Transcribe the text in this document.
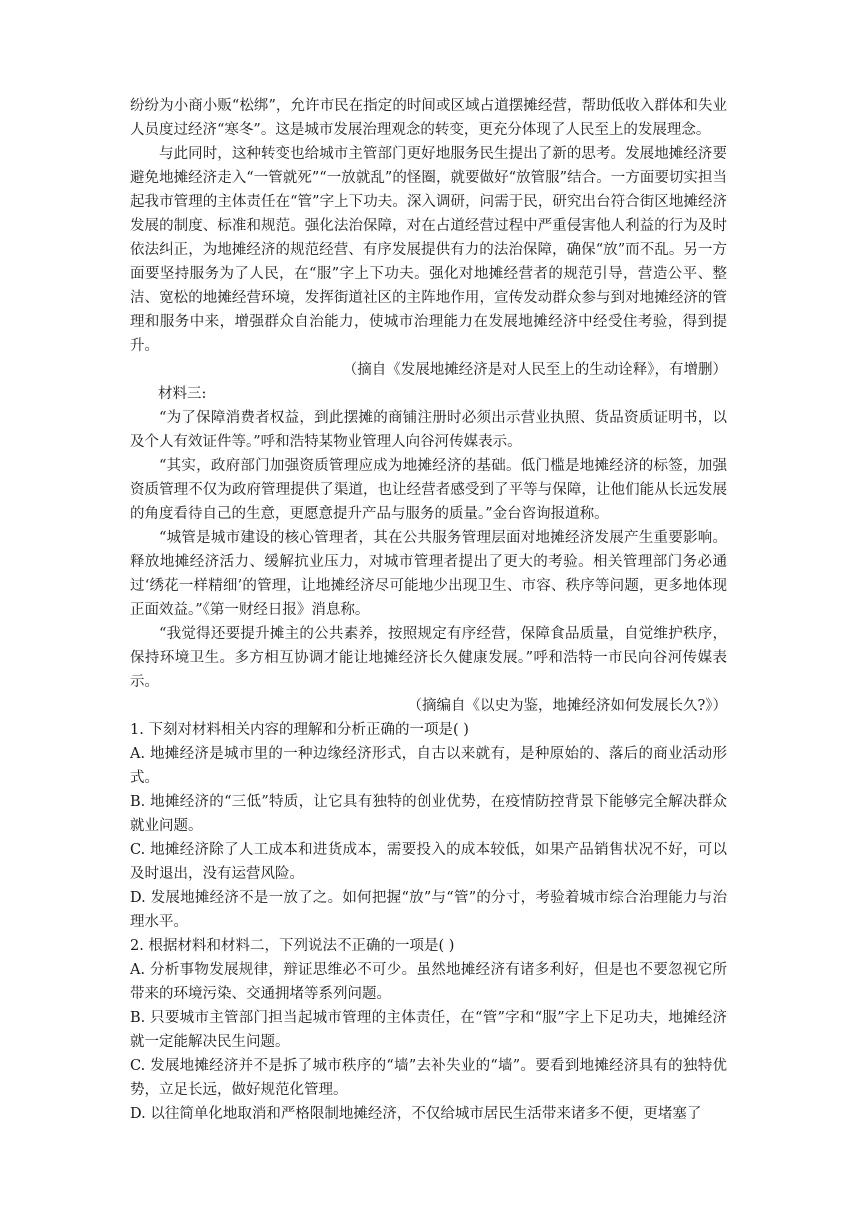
纷纷为小商小贩“松绑”，允许市民在指定的时间或区域占道摆摊经营，帮助低收入群体和失业人员度过经济“寒冬”。这是城市发展治理观念的转变，更充分体现了人民至上的发展理念。

与此同时，这种转变也给城市主管部门更好地服务民生提出了新的思考。发展地摊经济要避免地摊经济走入“一管就死”“一放就乱”的怪圈，就要做好“放管服”结合。一方面要切实担当起我市管理的主体责任在“管”字上下功夫。深入调研，问需于民，研究出台符合街区地摊经济发展的制度、标准和规范。强化法治保障，对在占道经营过程中严重侵害他人利益的行为及时依法纠正，为地摊经济的规范经营、有序发展提供有力的法治保障，确保“放”而不乱。另一方面要坚持服务为了人民，在“服”字上下功夫。强化对地摊经营者的规范引导，营造公平、整洁、宽松的地摊经营环境，发挥街道社区的主阵地作用，宣传发动群众参与到对地摊经济的管理和服务中来，增强群众自治能力，使城市治理能力在发展地摊经济中经受住考验，得到提升。

（摘自《发展地摊经济是对人民至上的生动诠释》，有增删）

材料三:

“为了保障消费者权益，到此摆摊的商铺注册时必须出示营业执照、货品资质证明书，以及个人有效证件等。”呼和浩特某物业管理人向谷河传媒表示。

“其实，政府部门加强资质管理应成为地摊经济的基础。低门槛是地摊经济的标签，加强资质管理不仅为政府管理提供了渠道，也让经营者感受到了平等与保障，让他们能从长远发展的角度看待自己的生意，更愿意提升产品与服务的质量。”金台咨询报道称。

“城管是城市建设的核心管理者，其在公共服务管理层面对地摊经济发展产生重要影响。释放地摊经济活力、缓解抗业压力，对城市管理者提出了更大的考验。相关管理部门务必通过‘绣花一样精细’的管理，让地摊经济尽可能地少出现卫生、市容、秩序等问题，更多地体现正面效益。”《第一财经日报》消息称。

“我觉得还要提升摊主的公共素养，按照规定有序经营，保障食品质量，自觉维护秩序，保持环境卫生。多方相互协调才能让地摊经济长久健康发展。”呼和浩特一市民向谷河传媒表示。

（摘编自《以史为鉴，地摊经济如何发展长久?》）

1. 下刻对材料相关内容的理解和分析正确的一项是( )

A. 地摊经济是城市里的一种边缘经济形式，自古以来就有，是种原始的、落后的商业活动形式。

B. 地摊经济的“三低”特质，让它具有独特的创业优势，在疫情防控背景下能够完全解决群众就业问题。

C. 地摊经济除了人工成本和进货成本，需要投入的成本较低，如果产品销售状况不好，可以及时退出，没有运营风险。

D. 发展地摊经济不是一放了之。如何把握“放”与“管”的分寸，考验着城市综合治理能力与治理水平。

2. 根据材料和材料二，下列说法不正确的一项是( )

A. 分析事物发展规律，辩证思维必不可少。虽然地摊经济有诸多利好，但是也不要忽视它所带来的环境污染、交通拥堵等系列问题。

B. 只要城市主管部门担当起城市管理的主体责任，在“管”字和“服”字上下足功夫，地摊经济就一定能解决民生问题。

C. 发展地摊经济并不是拆了城市秩序的“墙”去补失业的“墙”。要看到地摊经济具有的独特优势，立足长远，做好规范化管理。

D. 以往简单化地取消和严格限制地摊经济，不仅给城市居民生活带来诸多不便，更堵塞了
